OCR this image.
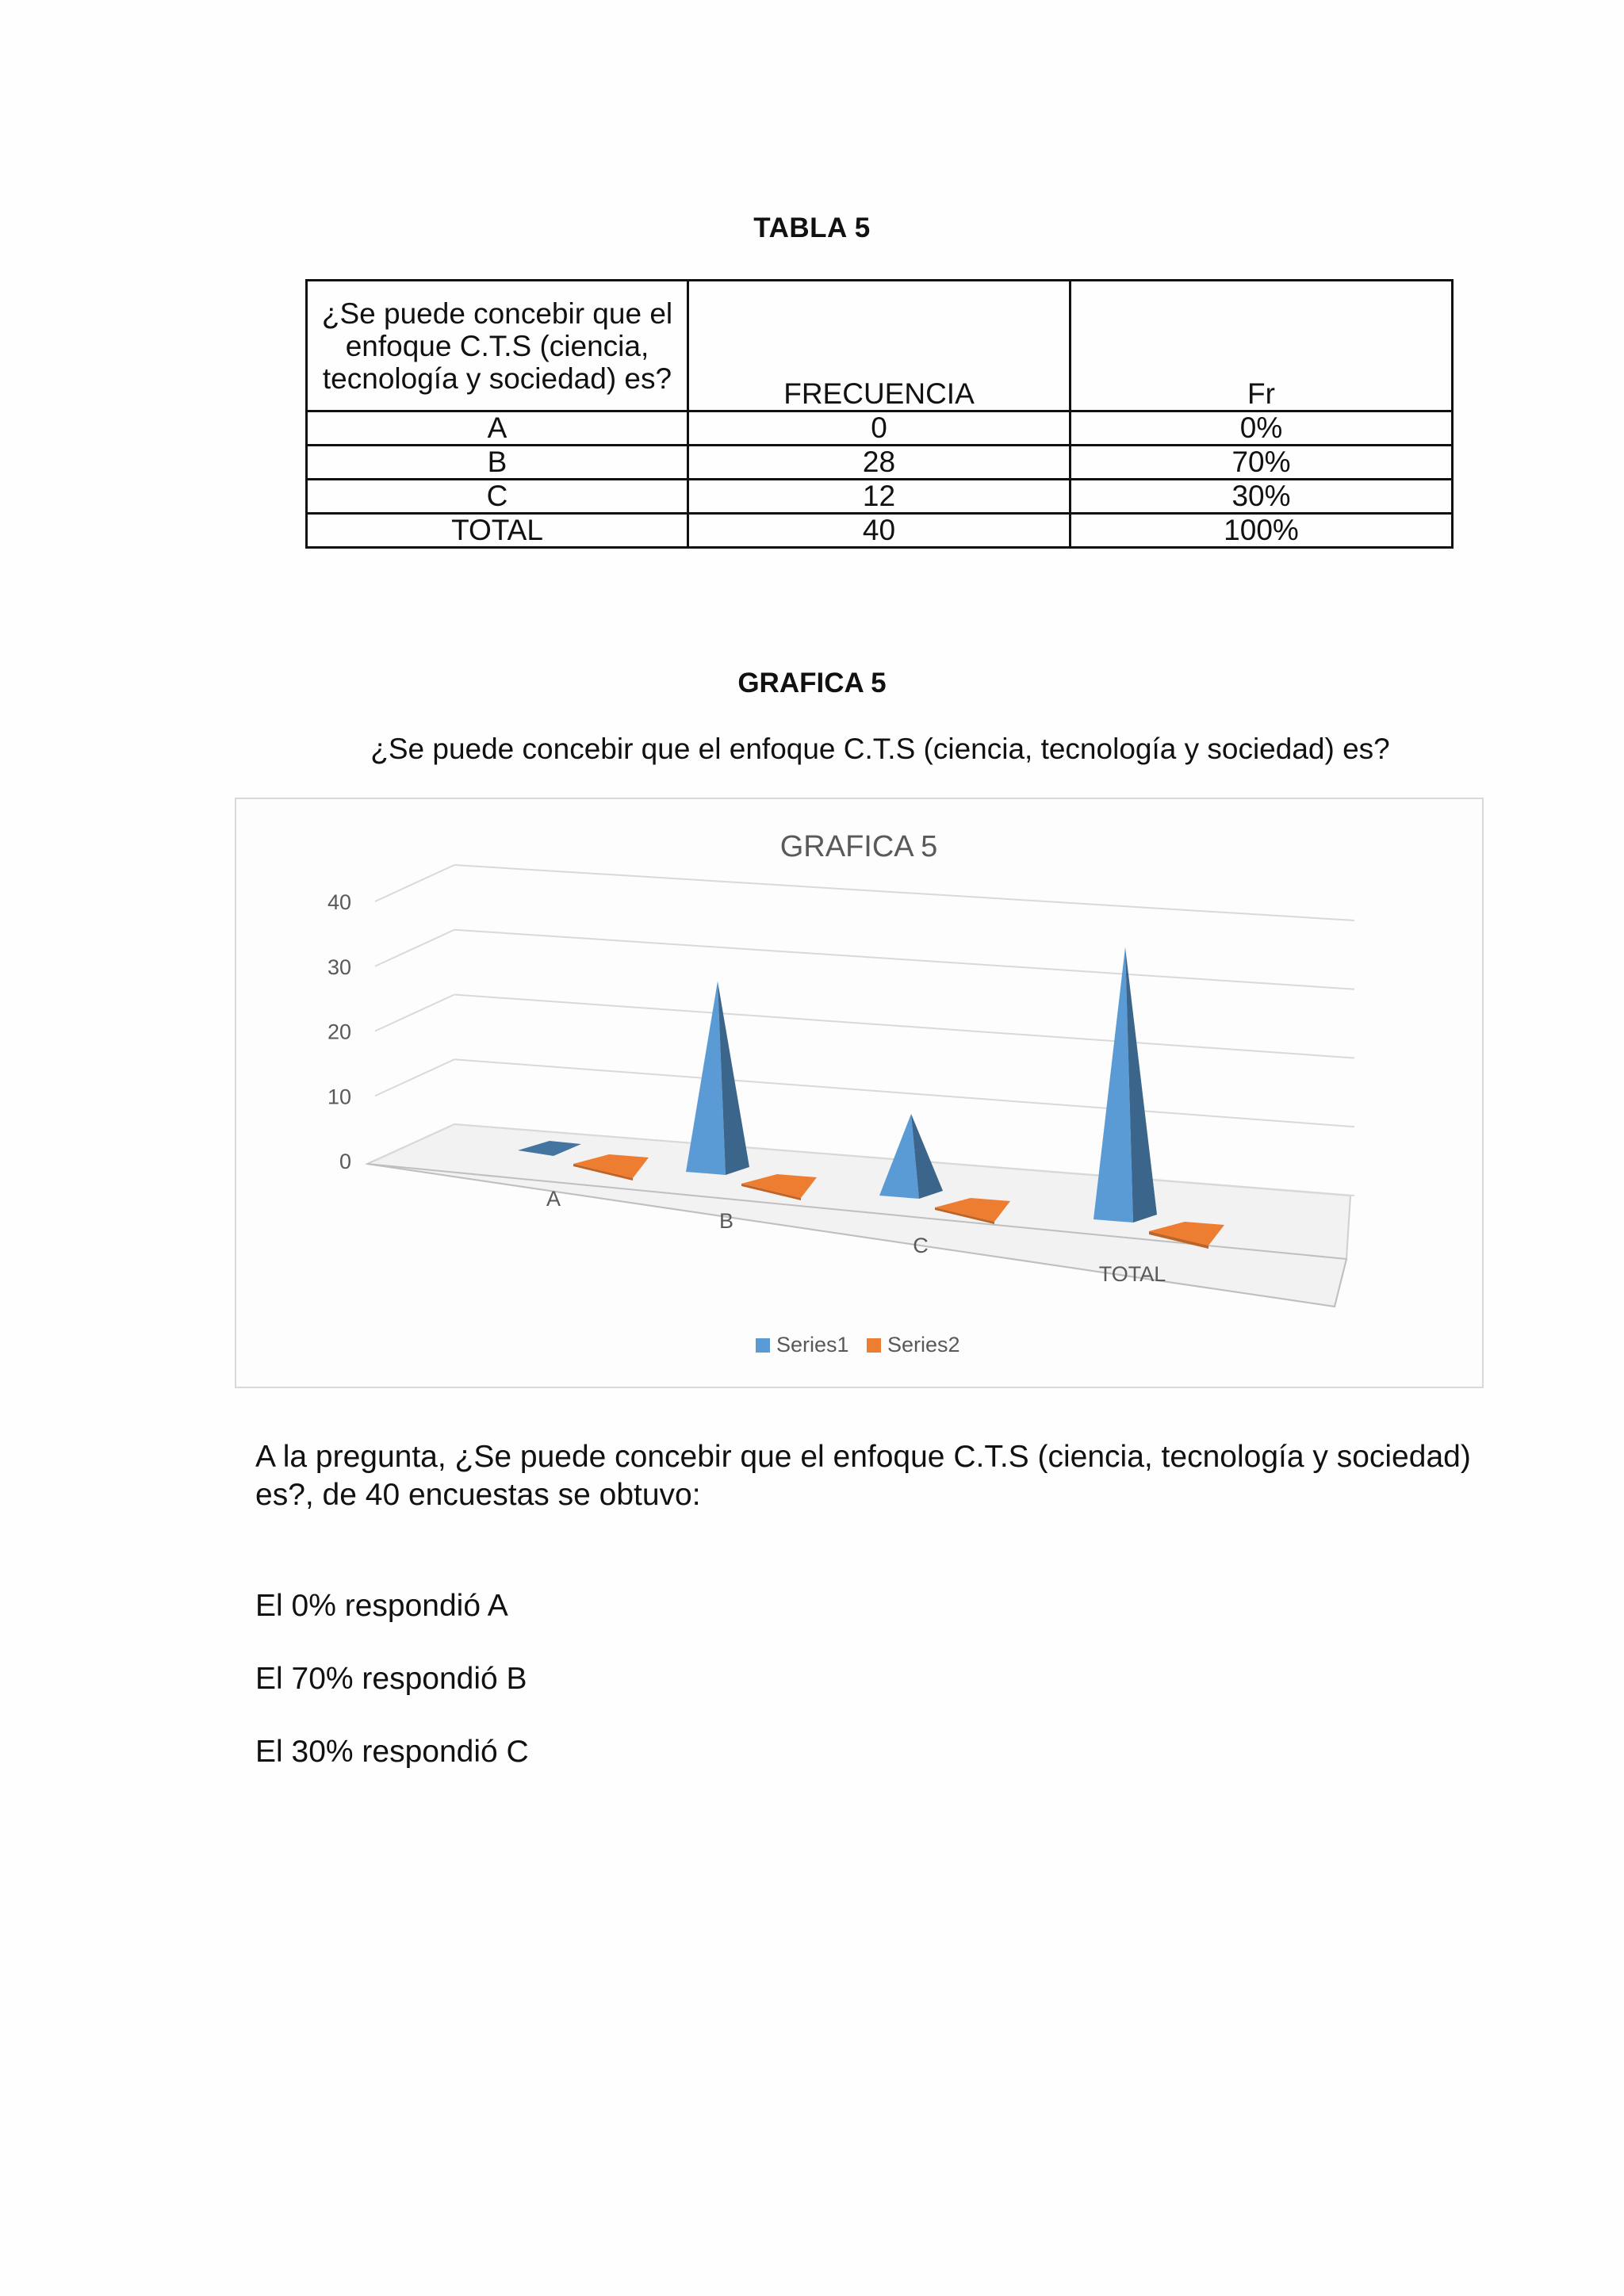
TABLA 5
¿Se puede concebir que el enfoque C.T.S (ciencia, tecnología y sociedad) es?	FRECUENCIA	Fr
A	0	0%
B	28	70%
C	12	30%
TOTAL	40	100%
GRAFICA 5
¿Se puede concebir que el enfoque C.T.S (ciencia, tecnología y sociedad) es?
GRAFICA 5
0
10
20
30
40
A
B
C
TOTAL
Series1 Series2
A la pregunta, ¿Se puede concebir que el enfoque C.T.S (ciencia, tecnología y sociedad) es?, de 40 encuestas se obtuvo:
El 0% respondió A
El 70% respondió B
El 30% respondió C
